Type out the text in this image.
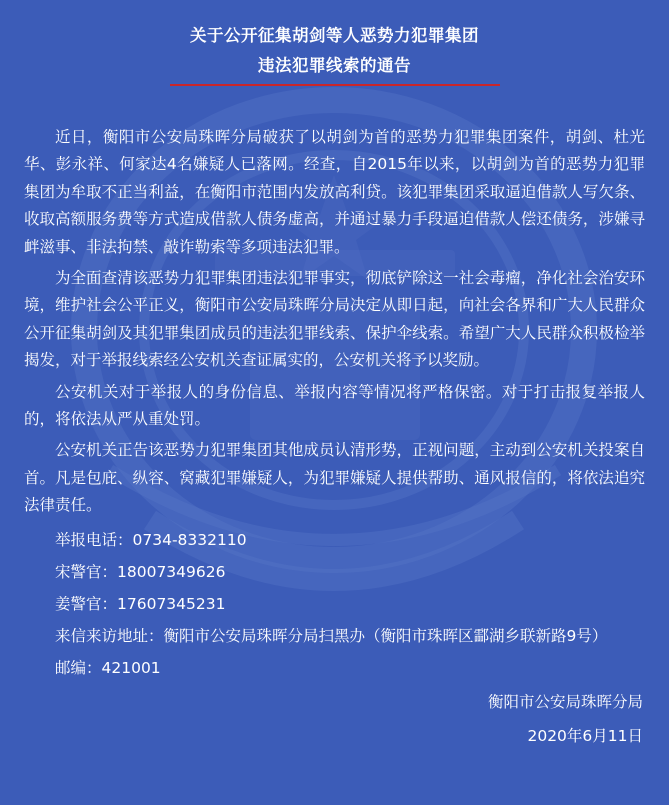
关于公开征集胡剑等人恶势力犯罪集团
违法犯罪线索的通告

近日，衡阳市公安局珠晖分局破获了以胡剑为首的恶势力犯罪集团案件，胡剑、杜光华、彭永祥、何家达4名嫌疑人已落网。经查，自2015年以来，以胡剑为首的恶势力犯罪集团为牟取不正当利益，在衡阳市范围内发放高利贷。该犯罪集团采取逼迫借款人写欠条、收取高额服务费等方式造成借款人债务虚高，并通过暴力手段逼迫借款人偿还债务，涉嫌寻衅滋事、非法拘禁、敲诈勒索等多项违法犯罪。

为全面查清该恶势力犯罪集团违法犯罪事实，彻底铲除这一社会毒瘤，净化社会治安环境，维护社会公平正义，衡阳市公安局珠晖分局决定从即日起，向社会各界和广大人民群众公开征集胡剑及其犯罪集团成员的违法犯罪线索、保护伞线索。希望广大人民群众积极检举揭发，对于举报线索经公安机关查证属实的，公安机关将予以奖励。

公安机关对于举报人的身份信息、举报内容等情况将严格保密。对于打击报复举报人的，将依法从严从重处罚。

公安机关正告该恶势力犯罪集团其他成员认清形势，正视问题，主动到公安机关投案自首。凡是包庇、纵容、窝藏犯罪嫌疑人，为犯罪嫌疑人提供帮助、通风报信的，将依法追究法律责任。

举报电话：0734-8332110

宋警官：18007349626

姜警官：17607345231

来信来访地址：衡阳市公安局珠晖分局扫黑办（衡阳市珠晖区酃湖乡联新路9号）

邮编：421001

衡阳市公安局珠晖分局
2020年6月11日
